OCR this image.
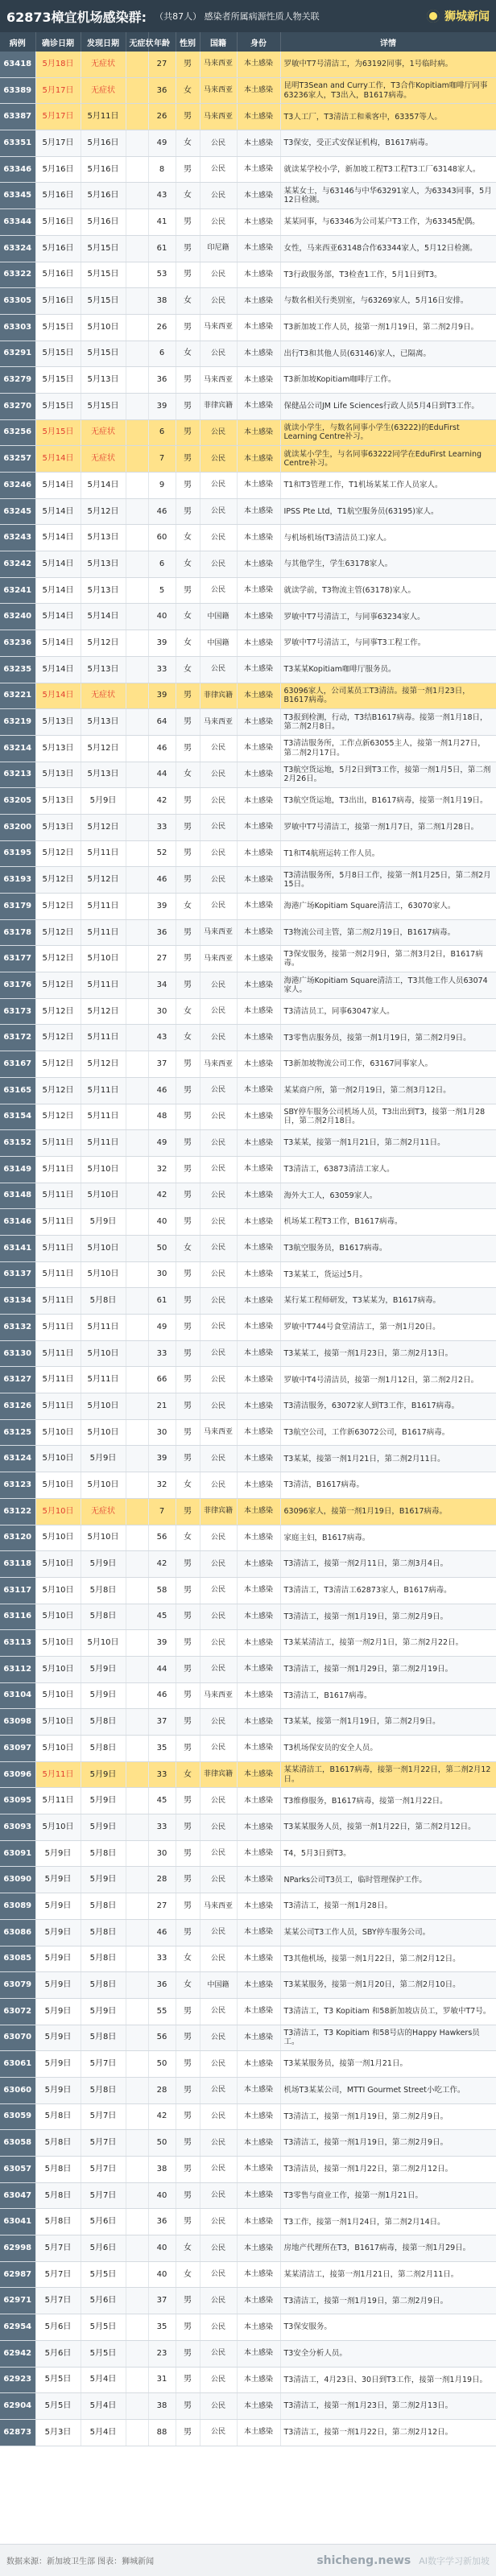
62873樟宜机场感染群: （共87人） 感染者所属病源性质人物关联	狮城新闻
病例	确诊日期	发现日期	无症状	年龄	性别	国籍	身份	详情
63418	5月18日	无症状		27	男	马来西亚	本土感染	罗敏中T7号清洁工，为63192同事，1号临时病。
63389	5月17日	无症状		36	女	马来西亚	本土感染	昆明T3Sean and Curry工作，T3合作Kopitiam咖啡厅同事63236家人，T3出入，B1617病毒。
63387	5月17日	5月11日		26	男	马来西亚	本土感染	T3人工厂，T3清洁工和乘客中，63357等人。
63351	5月17日	5月16日		49	女	公民	本土感染	T3保安，受正式安保证机构，B1617病毒。
63346	5月16日	5月16日		8	男	公民	本土感染	就读某学校小学，新加坡工程T3工程T3工厂63148家人。
63345	5月16日	5月16日		43	女	公民	本土感染	某某女士，与63146与中华63291家人，为63343同事，5月12日检测。
63344	5月16日	5月16日		41	男	公民	本土感染	某某同事，与63346为公司某户T3工作，为63345配偶。
63324	5月16日	5月15日		61	男	印尼籍	本土感染	女性，马来西亚63148合作63344家人，5月12日检测。
63322	5月16日	5月15日		53	男	公民	本土感染	T3行政服务部，T3检查1工作，5月1日到T3。
63305	5月16日	5月15日		38	女	公民	本土感染	与数名相关行类别室，与63269家人，5月16日安排。
63303	5月15日	5月10日		26	男	马来西亚	本土感染	T3新加坡工作人员，接第一剂1月19日，第二剂2月9日。
63291	5月15日	5月15日		6	女	公民	本土感染	出行T3和其他人员(63146)家人，已隔离。
63279	5月15日	5月13日		36	男	马来西亚	本土感染	T3新加坡Kopitiam咖啡厅工作。
63270	5月15日	5月15日		39	男	菲律宾籍	本土感染	保健品公司JM Life Sciences行政人员5月4日到T3工作。
63256	5月15日	无症状		6	男	公民	本土感染	就读小学生，与数名同事小学生(63222)的EduFirst Learning Centre补习。
63257	5月14日	无症状		7	男	公民	本土感染	就读某小学生，与名同事63222同学在EduFirst Learning Centre补习。
63246	5月14日	5月14日		9	男	公民	本土感染	T1和T3管理工作，T1机场某某工作人员家人。
63245	5月14日	5月12日		46	男	公民	本土感染	IPSS Pte Ltd，T1航空服务员(63195)家人。
63243	5月14日	5月13日		60	女	公民	本土感染	与机场机场(T3清洁员工)家人。
63242	5月14日	5月13日		6	女	公民	本土感染	与其他学生，学生63178家人。
63241	5月14日	5月13日		5	男	公民	本土感染	就读学前，T3物流主管(63178)家人。
63240	5月14日	5月14日		40	女	中国籍	本土感染	罗敏中T7号清洁工，与同事63234家人。
63236	5月14日	5月12日		39	女	中国籍	本土感染	罗敏中T7号清洁工，与同事T3工程工作。
63235	5月14日	5月13日		33	女	公民	本土感染	T3某某Kopitiam咖啡厅服务员。
63221	5月14日	无症状		39	男	菲律宾籍	本土感染	63096家人，公司某员工T3清洁。接第一剂1月23日，B1617病毒。
63219	5月13日	5月13日		64	男	马来西亚	本土感染	T3报到检测，行动，T3结B1617病毒。接第一剂1月18日，第二剂2月8日。
63214	5月13日	5月12日		46	男	公民	本土感染	T3清洁服务所，工作点新63055主人，接第一剂1月27日，第二剂2月17日。
63213	5月13日	5月13日		44	女	公民	本土感染	T3航空货运地，5月2日到T3工作，接第一剂1月5日，第二剂2月26日。
63205	5月13日	5月9日		42	男	公民	本土感染	T3航空货运地，T3出出，B1617病毒，接第一剂1月19日。
63200	5月13日	5月12日		33	男	公民	本土感染	罗敏中T7号清洁工，接第一剂1月7日，第二剂1月28日。
63195	5月12日	5月11日		52	男	公民	本土感染	T1和T4航班运转工作人员。
63193	5月12日	5月12日		46	男	公民	本土感染	T3清洁服务所，5月8日工作，接第一剂1月25日，第二剂2月15日。
63179	5月12日	5月11日		39	女	公民	本土感染	海港广场Kopitiam Square清洁工，63070家人。
63178	5月12日	5月11日		36	男	马来西亚	本土感染	T3物流公司主管，第二剂2月19日，B1617病毒。
63177	5月12日	5月10日		27	男	马来西亚	本土感染	T3保安服务，接第一剂2月9日，第二剂3月2日，B1617病毒。
63176	5月12日	5月11日		34	男	公民	本土感染	海港广场Kopitiam Square清洁工，T3其他工作人员63074家人。
63173	5月12日	5月12日		30	女	公民	本土感染	T3清洁员工，同事63047家人。
63172	5月12日	5月11日		43	女	公民	本土感染	T3零售店服务员，接第一剂1月19日，第二剂2月9日。
63167	5月12日	5月12日		37	男	马来西亚	本土感染	T3新加坡物流公司工作，63167同事家人。
63165	5月12日	5月11日		46	男	公民	本土感染	某某商户所，第一剂2月19日，第二剂3月12日。
63154	5月12日	5月11日		48	男	公民	本土感染	SBY停车服务公司机场人员，T3出出到T3，接第一剂1月28日，第二剂2月18日。
63152	5月11日	5月11日		49	男	公民	本土感染	T3某某，接第一剂1月21日，第二剂2月11日。
63149	5月11日	5月10日		32	男	公民	本土感染	T3清洁工，63873清洁工家人。
63148	5月11日	5月10日		42	男	公民	本土感染	海外大工人，63059家人。
63146	5月11日	5月9日		40	男	公民	本土感染	机场某工程T3工作，B1617病毒。
63141	5月11日	5月10日		50	女	公民	本土感染	T3航空服务员，B1617病毒。
63137	5月11日	5月10日		30	男	公民	本土感染	T3某某工，货运过5月。
63134	5月11日	5月8日		61	男	公民	本土感染	某行某工程师研发，T3某某为，B1617病毒。
63132	5月11日	5月11日		49	男	公民	本土感染	罗敏中T744号食堂清洁工，第一剂1月20日。
63130	5月11日	5月10日		33	男	公民	本土感染	T3某某工，接第一剂1月23日，第二剂2月13日。
63127	5月11日	5月11日		66	男	公民	本土感染	罗敏中T4号清洁员，接第一剂1月12日，第二剂2月2日。
63126	5月11日	5月10日		21	男	公民	本土感染	T3清洁服务，63072家人到T3工作，B1617病毒。
63125	5月10日	5月10日		30	男	马来西亚	本土感染	T3航空公司，工作新63072公司，B1617病毒。
63124	5月10日	5月9日		39	男	公民	本土感染	T3某某，接第一剂1月21日，第二剂2月11日。
63123	5月10日	5月10日		32	女	公民	本土感染	T3清洁，B1617病毒。
63122	5月10日	无症状		7	男	菲律宾籍	本土感染	63096家人，接第一剂1月19日，B1617病毒。
63120	5月10日	5月10日		56	女	公民	本土感染	家庭主妇，B1617病毒。
63118	5月10日	5月9日		42	男	公民	本土感染	T3清洁工，接第一剂2月11日，第二剂3月4日。
63117	5月10日	5月8日		58	男	公民	本土感染	T3清洁工，T3清洁工62873家人，B1617病毒。
63116	5月10日	5月8日		45	男	公民	本土感染	T3清洁工，接第一剂1月19日，第二剂2月9日。
63113	5月10日	5月10日		39	男	公民	本土感染	T3某某清洁工，接第一剂2月1日，第二剂2月22日。
63112	5月10日	5月9日		44	男	公民	本土感染	T3清洁工，接第一剂1月29日，第二剂2月19日。
63104	5月10日	5月9日		46	男	马来西亚	本土感染	T3清洁工，B1617病毒。
63098	5月10日	5月8日		37	男	公民	本土感染	T3某某，接第一剂1月19日，第二剂2月9日。
63097	5月10日	5月8日		35	男	公民	本土感染	T3机场保安员的安全人员。
63096	5月11日	5月9日		33	女	菲律宾籍	本土感染	某某清洁工，B1617病毒，接第一剂1月22日，第二剂2月12日。
63095	5月11日	5月9日		45	男	公民	本土感染	T3维修服务，B1617病毒，接第一剂1月22日。
63093	5月10日	5月9日		33	男	公民	本土感染	T3某某服务人员，接第一剂1月22日，第二剂2月12日。
63091	5月9日	5月8日		30	男	公民	本土感染	T4，5月3日到T3。
63090	5月9日	5月9日		28	男	公民	本土感染	NParks公司T3员工，临时管理保护工作。
63089	5月9日	5月8日		27	男	马来西亚	本土感染	T3清洁工，接第一剂1月28日。
63086	5月9日	5月8日		46	男	公民	本土感染	某某公司T3工作人员，SBY停车服务公司。
63085	5月9日	5月8日		33	女	公民	本土感染	T3其他机场，接第一剂1月22日，第二剂2月12日。
63079	5月9日	5月8日		36	女	中国籍	本土感染	T3某某服务，接第一剂1月20日，第二剂2月10日。
63072	5月9日	5月9日		55	男	公民	本土感染	T3清洁工，T3 Kopitiam 和58新加坡店员工，罗敏中T7号。
63070	5月9日	5月8日		56	男	公民	本土感染	T3清洁工，T3 Kopitiam 和58号店的Happy Hawkers员工。
63061	5月9日	5月7日		50	男	公民	本土感染	T3某某服务员，接第一剂1月21日。
63060	5月9日	5月8日		28	男	公民	本土感染	机场T3某某公司，MTTI Gourmet Street小吃工作。
63059	5月8日	5月7日		42	男	公民	本土感染	T3清洁工，接第一剂1月19日，第二剂2月9日。
63058	5月8日	5月7日		50	男	公民	本土感染	T3清洁工，接第一剂1月19日，第二剂2月9日。
63057	5月8日	5月7日		38	男	公民	本土感染	T3清洁员，接第一剂1月22日，第二剂2月12日。
63047	5月8日	5月7日		40	男	公民	本土感染	T3零售与商业工作，接第一剂1月21日。
63041	5月8日	5月6日		36	男	公民	本土感染	T3工作，接第一剂1月24日，第二剂2月14日。
62998	5月7日	5月6日		40	女	公民	本土感染	房地产代理所在T3，B1617病毒，接第一剂1月29日。
62987	5月7日	5月5日		40	女	公民	本土感染	某某清洁工，接第一剂1月21日，第二剂2月11日。
62971	5月7日	5月6日		37	男	公民	本土感染	T3清洁工，接第一剂1月19日，第二剂2月9日。
62954	5月6日	5月5日		35	男	公民	本土感染	T3保安服务。
62942	5月6日	5月5日		23	男	公民	本土感染	T3安全分析人员。
62923	5月5日	5月4日		31	男	公民	本土感染	T3清洁工，4月23日、30日到T3工作，接第一剂1月19日。
62904	5月5日	5月4日		38	男	公民	本土感染	T3清洁工，接第一剂1月23日，第二剂2月13日。
62873	5月3日	5月4日		88	男	公民	本土感染	T3清洁工，接第一剂1月22日，第二剂2月12日。
数据来源：新加坡卫生部 图表：狮城新闻	shicheng.news AI数字学习新加坡
